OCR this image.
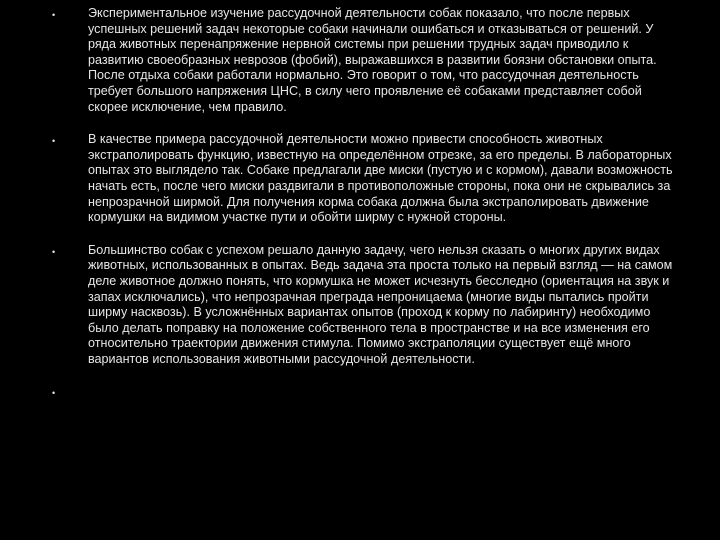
•	Экспериментальное изучение рассудочной деятельности собак показало, что после первых успешных решений задач некоторые собаки начинали ошибаться и отказываться от решений. У ряда животных перенапряжение нервной системы при решении трудных задач приводило к развитию своеобразных неврозов (фобий), выражавшихся в развитии боязни обстановки опыта. После отдыха собаки работали нормально. Это говорит о том, что рассудочная деятельность требует большого напряжения ЦНС, в силу чего проявление её собаками представляет собой скорее исключение, чем правило.
•	В качестве примера рассудочной деятельности можно привести способность животных экстраполировать функцию, известную на определённом отрезке, за его пределы. В лабораторных опытах это выглядело так. Собаке предлагали две миски (пустую и с кормом), давали возможность начать есть, после чего миски раздвигали в противоположные стороны, пока они не скрывались за непрозрачной ширмой. Для получения корма собака должна была экстраполировать движение кормушки на видимом участке пути и обойти ширму с нужной стороны.
•	Большинство собак с успехом решало данную задачу, чего нельзя сказать о многих других видах животных, использованных в опытах. Ведь задача эта проста только на первый взгляд — на самом деле животное должно понять, что кормушка не может исчезнуть бесследно (ориентация на звук и запах исключались), что непрозрачная преграда непроницаема (многие виды пытались пройти ширму насквозь). В усложнённых вариантах опытов (проход к корму по лабиринту) необходимо было делать поправку на положение собственного тела в пространстве и на все изменения его относительно траектории движения стимула. Помимо экстраполяции существует ещё много вариантов использования животными рассудочной деятельности.
•
